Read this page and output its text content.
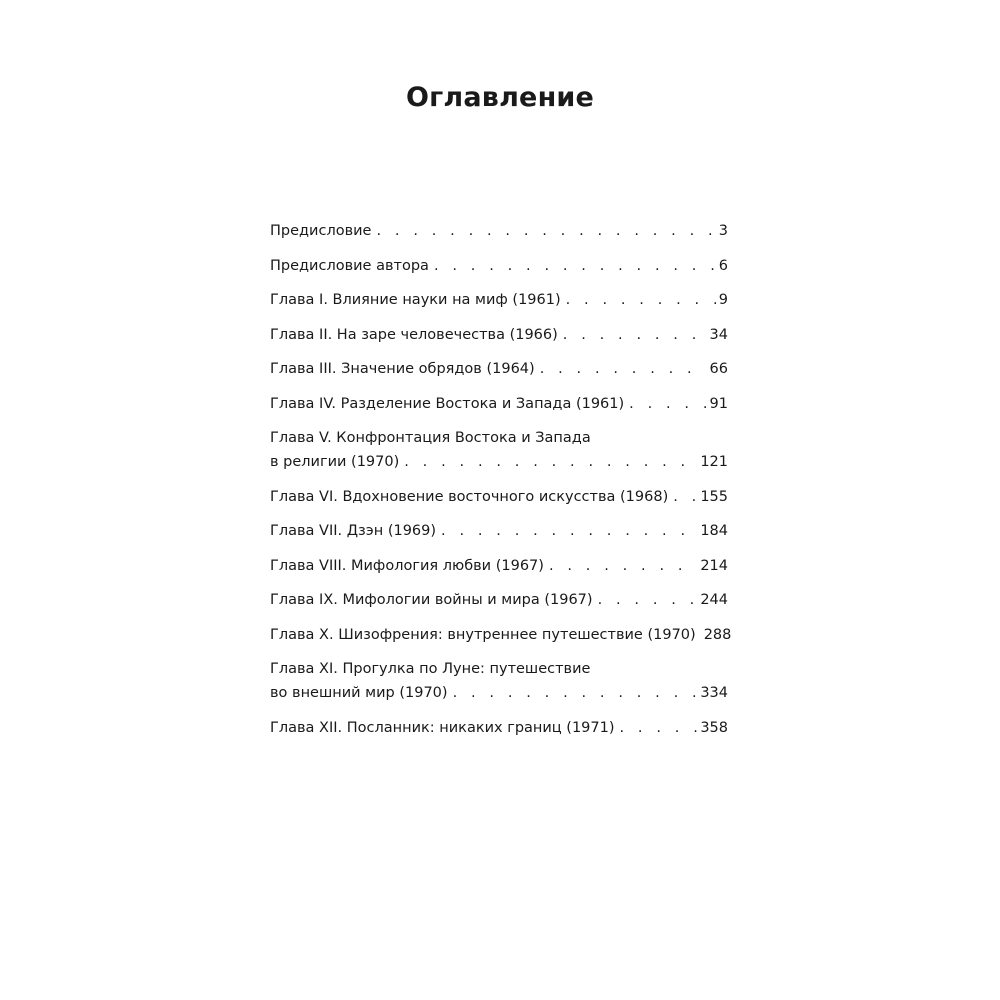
Оглавление
Предисловие . . .	3
Предисловие автора . . .	6
Глава I. Влияние науки на миф (1961) . . .	9
Глава II. На заре человечества (1966) . . .	34
Глава III. Значение обрядов (1964) . . .	66
Глава IV. Разделение Востока и Запада (1961) . . .	91
Глава V. Конфронтация Востока и Запада
в религии (1970) . . .	121
Глава VI. Вдохновение восточного искусства (1968) . . . 155
Глава VII. Дзэн (1969) . . .	184
Глава VIII. Мифология любви (1967) . . .	214
Глава IX. Мифологии войны и мира (1967) . . .	244
Глава X. Шизофрения: внутреннее путешествие (1970) 288
Глава XI. Прогулка по Луне: путешествие
во внешний мир (1970) . . .	334
Глава XII. Посланник: никаких границ (1971) . . .	358
